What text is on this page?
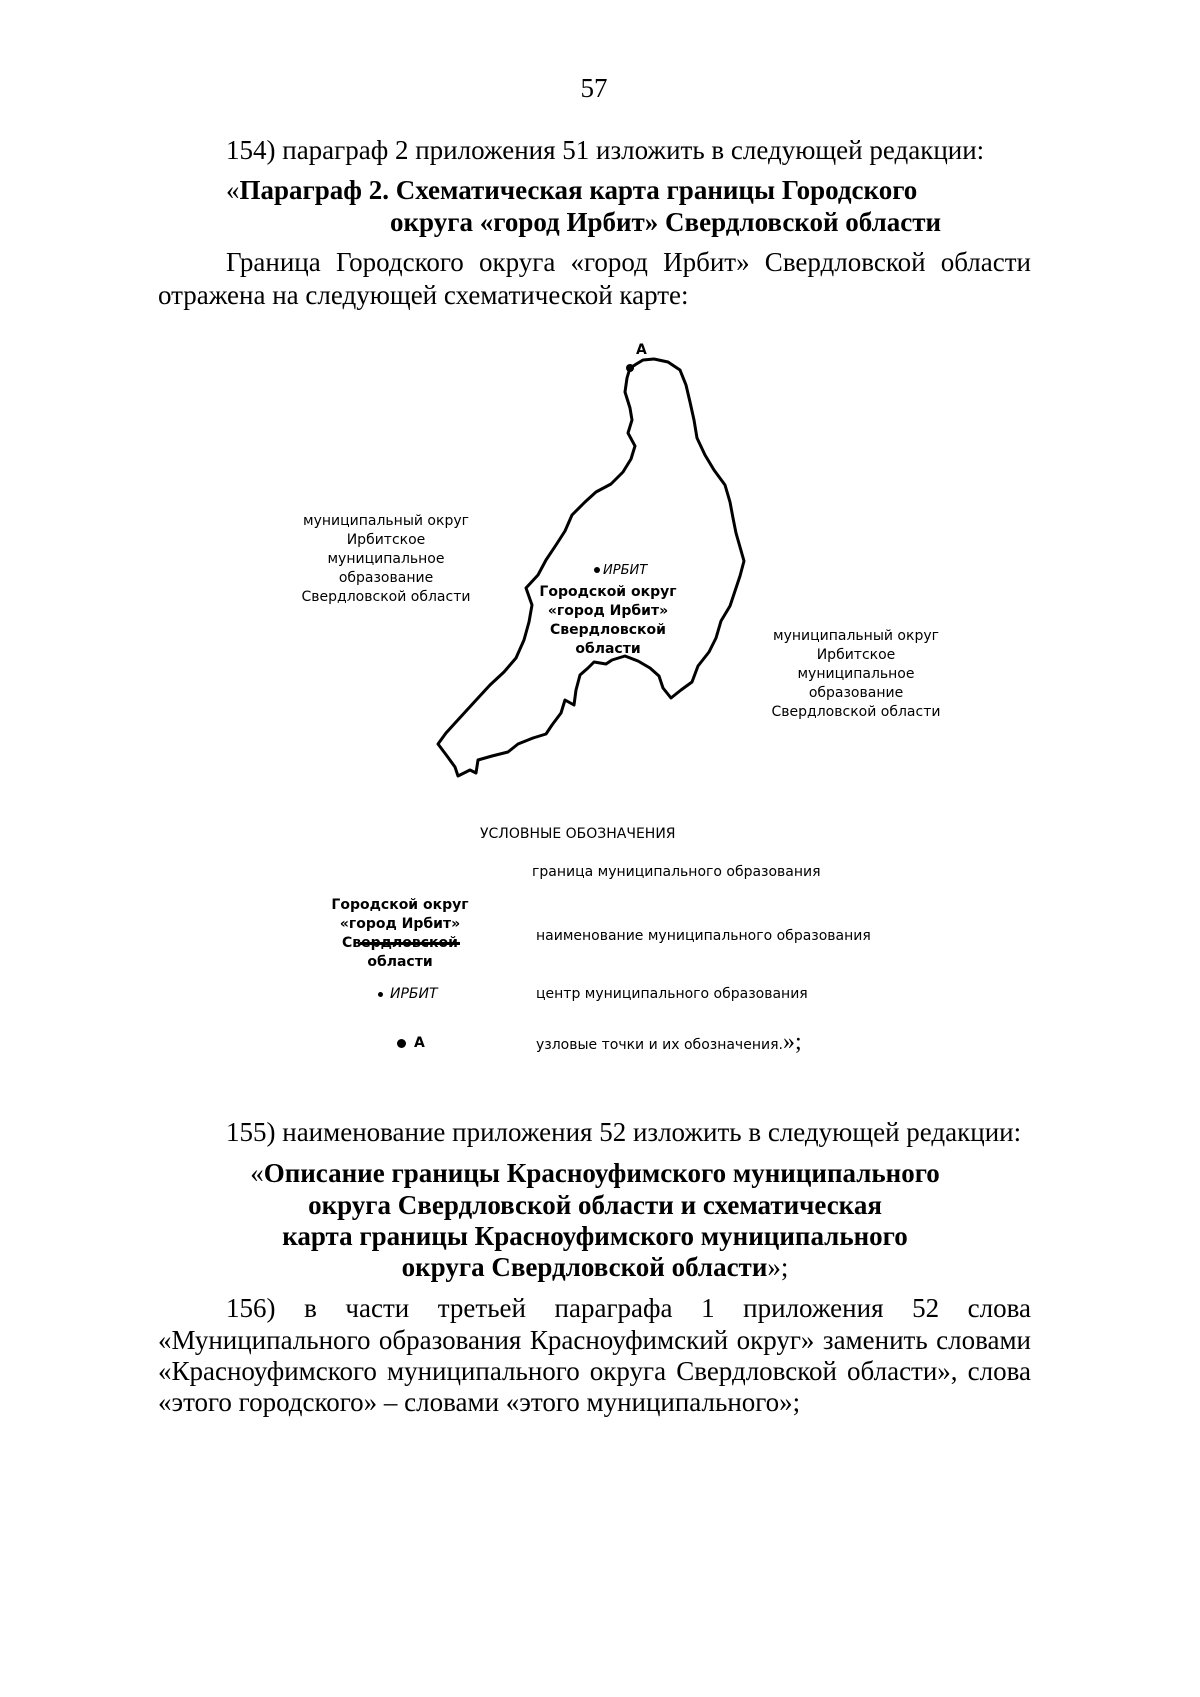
57
154) параграф 2 приложения 51 изложить в следующей редакции:
«Параграф 2. Схематическая карта границы Городского
округа «город Ирбит» Свердловской области
Граница Городского округа «город Ирбит» Свердловской области
отражена на следующей схематической карте:
А
муниципальный округ
Ирбитское
муниципальное
образование
Свердловской области
муниципальный округ
Ирбитское
муниципальное
образование
Свердловской области
ИРБИТ
Городской округ
«город Ирбит»
Свердловской
области
УСЛОВНЫЕ ОБОЗНАЧЕНИЯ
граница муниципального образования
Городской округ
«город Ирбит»
Свердловской
области
наименование муниципального образования
ИРБИТ	центр муниципального образования
А	узловые точки и их обозначения.»;
155) наименование приложения 52 изложить в следующей редакции:
«Описание границы Красноуфимского муниципального
округа Свердловской области и схематическая
карта границы Красноуфимского муниципального
округа Свердловской области»;
156) в части третьей параграфа 1 приложения 52 слова
«Муниципального образования Красноуфимский округ» заменить словами
«Красноуфимского муниципального округа Свердловской области», слова
«этого городского» – словами «этого муниципального»;
